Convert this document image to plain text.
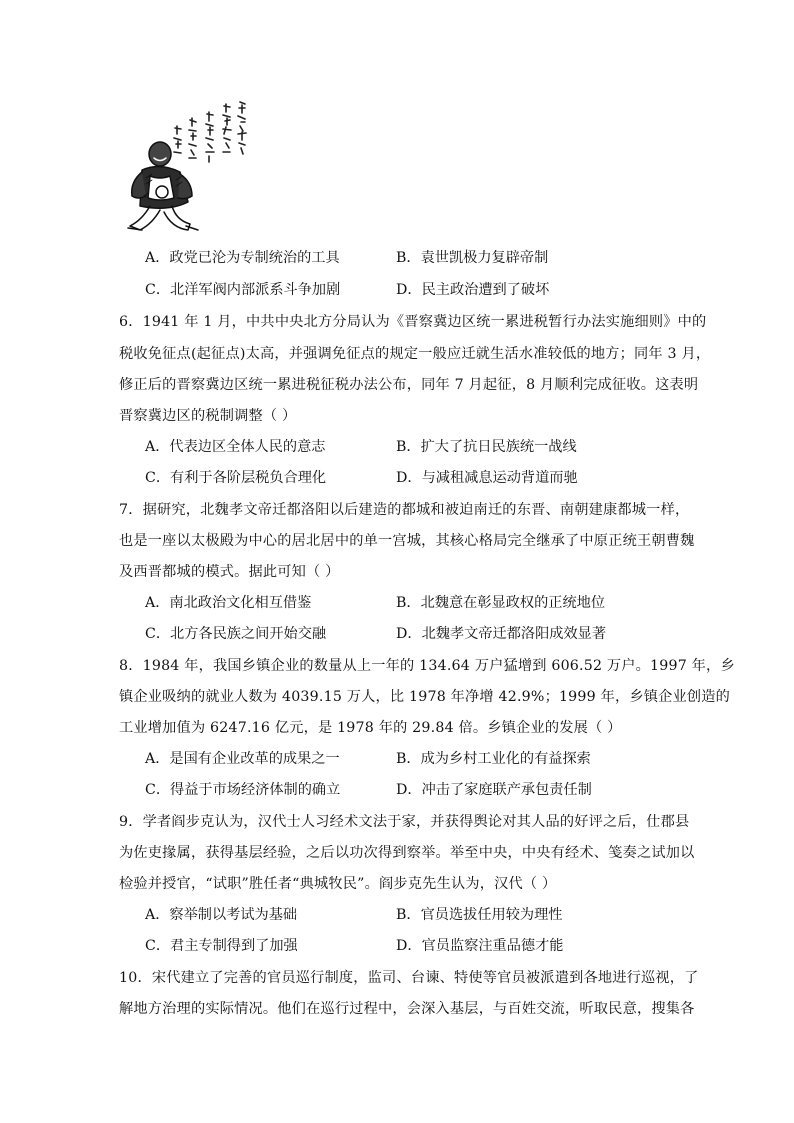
A．政党已沦为专制统治的工具	B．袁世凯极力复辟帝制
C．北洋军阀内部派系斗争加剧	D．民主政治遭到了破坏
6．1941 年 1 月，中共中央北方分局认为《晋察冀边区统一累进税暂行办法实施细则》中的
税收免征点(起征点)太高，并强调免征点的规定一般应迁就生活水准较低的地方；同年 3 月，
修正后的晋察冀边区统一累进税征税办法公布，同年 7 月起征，8 月顺利完成征收。这表明
晋察冀边区的税制调整（ ）
A．代表边区全体人民的意志	B．扩大了抗日民族统一战线
C．有利于各阶层税负合理化	D．与减租减息运动背道而驰
7．据研究，北魏孝文帝迁都洛阳以后建造的都城和被迫南迁的东晋、南朝建康都城一样，
也是一座以太极殿为中心的居北居中的单一宫城，其核心格局完全继承了中原正统王朝曹魏
及西晋都城的模式。据此可知（ ）
A．南北政治文化相互借鉴	B．北魏意在彰显政权的正统地位
C．北方各民族之间开始交融	D．北魏孝文帝迁都洛阳成效显著
8．1984 年，我国乡镇企业的数量从上一年的 134.64 万户猛增到 606.52 万户。1997 年，乡
镇企业吸纳的就业人数为 4039.15 万人，比 1978 年净增 42.9%；1999 年，乡镇企业创造的
工业增加值为 6247.16 亿元，是 1978 年的 29.84 倍。乡镇企业的发展（ ）
A．是国有企业改革的成果之一	B．成为乡村工业化的有益探索
C．得益于市场经济体制的确立	D．冲击了家庭联产承包责任制
9．学者阎步克认为，汉代士人习经术文法于家，并获得舆论对其人品的好评之后，仕郡县
为佐吏掾属，获得基层经验，之后以功次得到察举。举至中央，中央有经术、笺奏之试加以
检验并授官，“试职”胜任者“典城牧民”。阎步克先生认为，汉代（ ）
A．察举制以考试为基础	B．官员选拔任用较为理性
C．君主专制得到了加强	D．官员监察注重品德才能
10．宋代建立了完善的官员巡行制度，监司、台谏、特使等官员被派遣到各地进行巡视，了
解地方治理的实际情况。他们在巡行过程中，会深入基层，与百姓交流，听取民意，搜集各
